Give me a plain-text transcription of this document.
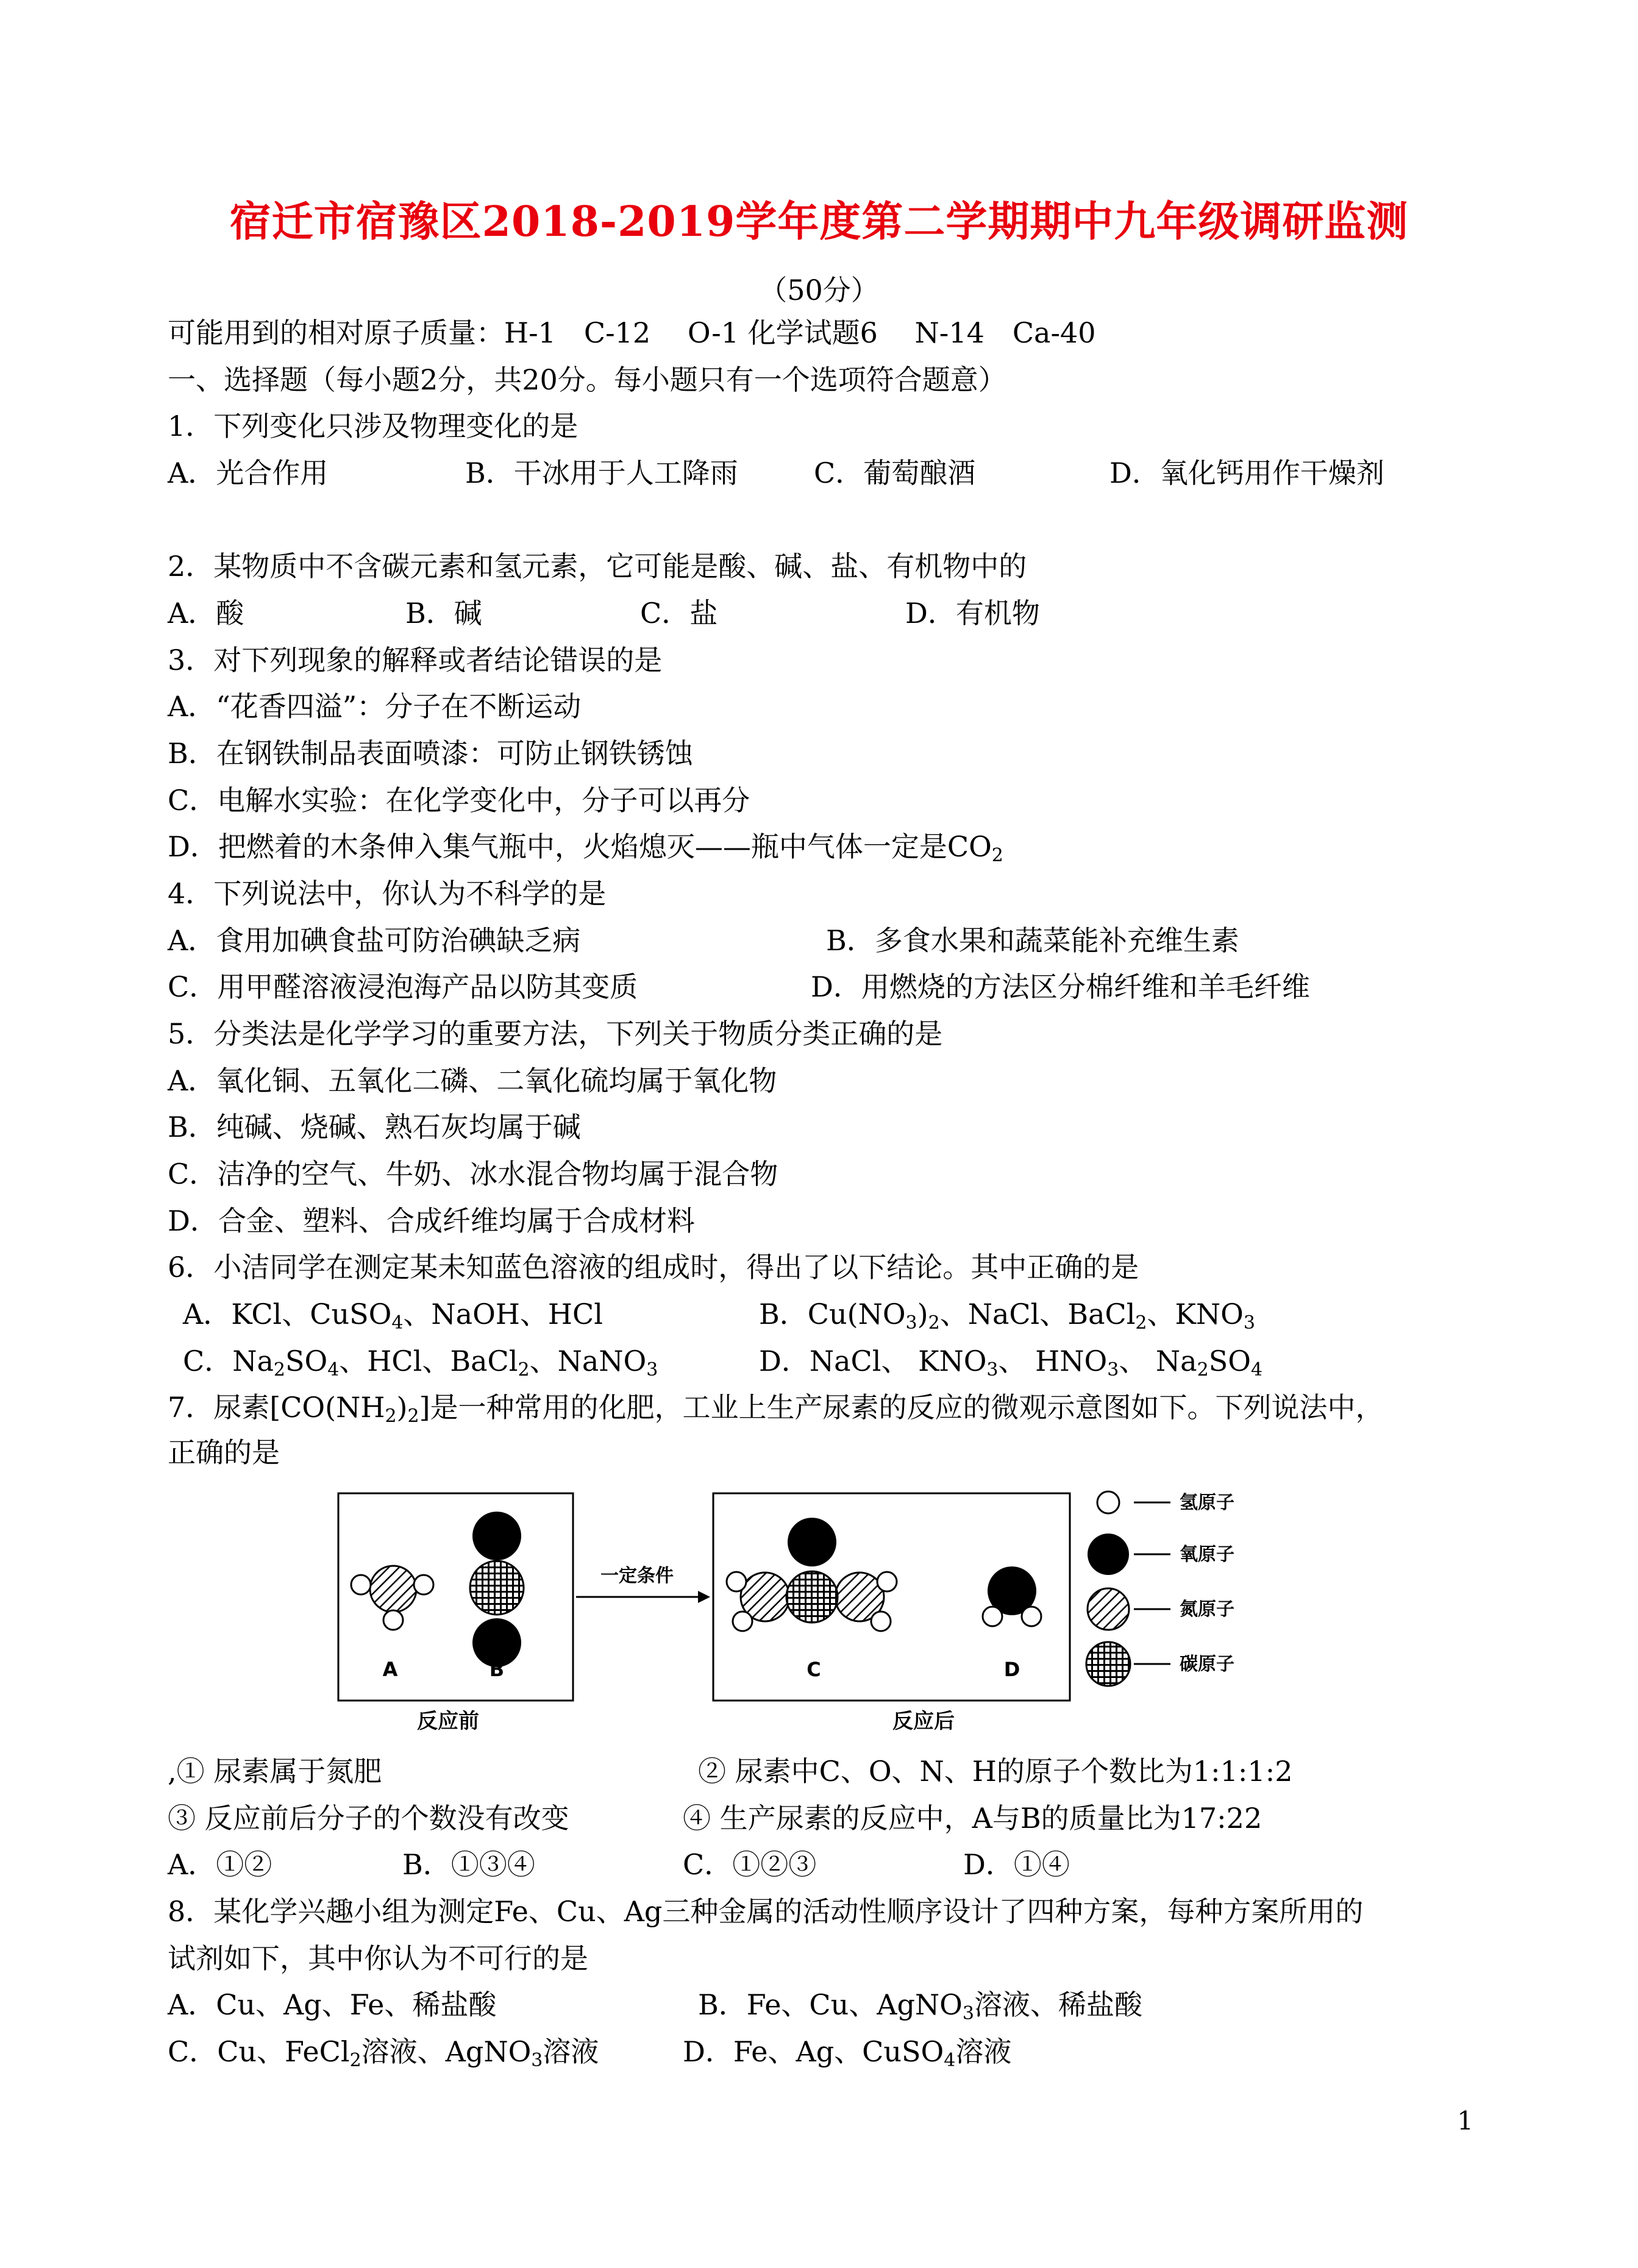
宿迁市宿豫区2018-2019学年度第二学期期中九年级调研监测
（50分）
可能用到的相对原子质量：H-1　C-12　 O-1 化学试题6　 N-14　Ca-40
一、选择题（每小题2分，共20分。每小题只有一个选项符合题意）
1．下列变化只涉及物理变化的是
A．光合作用	B．干冰用于人工降雨	C．葡萄酿酒	D．氧化钙用作干燥剂
2．某物质中不含碳元素和氢元素，它可能是酸、碱、盐、有机物中的
A．酸	B．碱	C．盐	D．有机物
3．对下列现象的解释或者结论错误的是
A．“花香四溢”：分子在不断运动
B．在钢铁制品表面喷漆：可防止钢铁锈蚀
C．电解水实验：在化学变化中，分子可以再分
D．把燃着的木条伸入集气瓶中，火焰熄灭——瓶中气体一定是$CO_2$
4．下列说法中，你认为不科学的是
A．食用加碘食盐可防治碘缺乏病	B．多食水果和蔬菜能补充维生素
C．用甲醛溶液浸泡海产品以防其变质	D．用燃烧的方法区分棉纤维和羊毛纤维
5．分类法是化学学习的重要方法，下列关于物质分类正确的是
A．氧化铜、五氧化二磷、二氧化硫均属于氧化物
B．纯碱、烧碱、熟石灰均属于碱
C．洁净的空气、牛奶、冰水混合物均属于混合物
D．合金、塑料、合成纤维均属于合成材料
6．小洁同学在测定某未知蓝色溶液的组成时，得出了以下结论。其中正确的是
A．KCl、CuSO$_4$、NaOH、HCl	B．$Cu(NO_3)_2$、NaCl、BaCl$_2$、$KNO_3$
C．$Na_2SO_4$、HCl、BaCl$_2$、NaNO$_3$	D．NaCl、 $KNO_3$、 $HNO_3$、 $Na_2SO_4$
7．尿素$[CO(NH_2)_2]$是一种常用的化肥，工业上生产尿素的反应的微观示意图如下。下列说法中，
正确的是
A	B
反应前
一定条件
C	D
反应后
氢原子
氧原子
氮原子
碳原子
,① 尿素属于氮肥	② 尿素中C、O、N、H的原子个数比为1:1:1:2
③ 反应前后分子的个数没有改变	④ 生产尿素的反应中，A与B的质量比为17:22
A．①②	B．①③④	C．①②③	D．①④
8．某化学兴趣小组为测定Fe、Cu、Ag三种金属的活动性顺序设计了四种方案，每种方案所用的
试剂如下，其中你认为不可行的是
A．Cu、Ag、Fe、稀盐酸	B．Fe、Cu、AgNO$_3$溶液、稀盐酸
C．Cu、FeCl$_2$溶液、AgNO$_3$溶液	D．Fe、Ag、CuSO$_4$溶液
1
